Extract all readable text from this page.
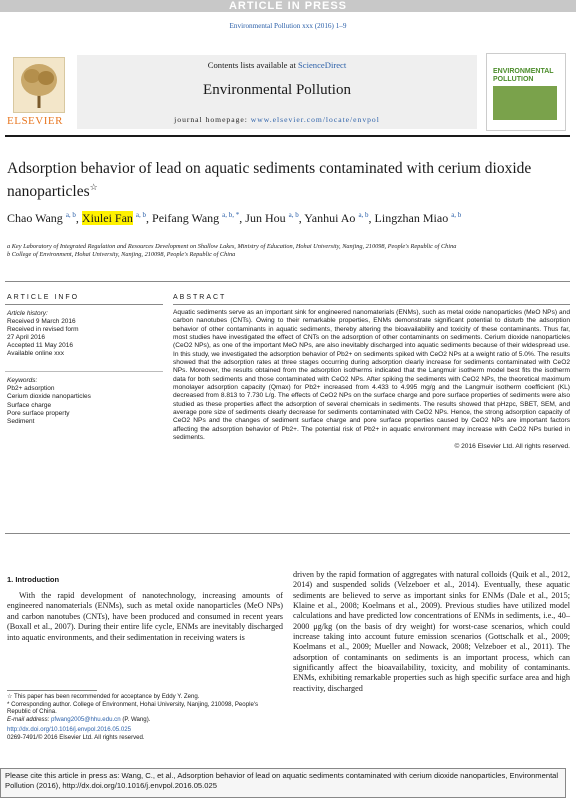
ARTICLE IN PRESS
Environmental Pollution xxx (2016) 1–9
ELSEVIER
Contents lists available at ScienceDirect
Environmental Pollution
journal homepage: www.elsevier.com/locate/envpol
ENVIRONMENTAL
POLLUTION
Adsorption behavior of lead on aquatic sediments contaminated with cerium dioxide nanoparticles☆
Chao Wang $^{a, b}$, Xiulei Fan $^{a, b}$, Peifang Wang $^{a, b, *}$, Jun Hou $^{a, b}$, Yanhui Ao $^{a, b}$, Lingzhan Miao $^{a, b}$
a Key Laboratory of Integrated Regulation and Resources Development on Shallow Lakes, Ministry of Education, Hohai University, Nanjing, 210098, People's Republic of China
b College of Environment, Hohai University, Nanjing, 210098, People's Republic of China
ARTICLE INFO	ABSTRACT
Article history:
Received 9 March 2016
Received in revised form
27 April 2016
Accepted 11 May 2016
Available online xxx
Keywords:
Pb2+ adsorption
Cerium dioxide nanoparticles
Surface charge
Pore surface property
Sediment
Aquatic sediments serve as an important sink for engineered nanomaterials (ENMs), such as metal oxide nanoparticles (MeO NPs) and carbon nanotubes (CNTs). Owing to their remarkable properties, ENMs demonstrate significant potential to disturb the adsorption behavior of other contaminants in aquatic sediments, thereby altering the bioavailability and toxicity of these contaminants. Thus far, most studies have investigated the effect of CNTs on the adsorption of other contaminants on sediments. Cerium dioxide nanoparticles (CeO2 NPs), as one of the important MeO NPs, are also inevitably discharged into aquatic sediments because of their widespread use. In this study, we investigated the adsorption behavior of Pb2+ on sediments spiked with CeO2 NPs at a weight ratio of 5.0%. The results showed that the adsorption rates at three stages occurring during adsorption clearly increase for sediments contaminated with CeO2 NPs. Moreover, the results obtained from the adsorption isotherms indicated that the Langmuir isotherm model best fits the isotherm data for both sediments and those contaminated with CeO2 NPs. After spiking the sediments with CeO2 NPs, the theoretical maximum monolayer adsorption capacity (Qmax) for Pb2+ increased from 4.433 to 4.995 mg/g and the Langmuir isotherm coefficient (KL) decreased from 8.813 to 7.730 L/g. The effects of CeO2 NPs on the surface charge and pore surface properties of sediments were also studied as these properties affect the adsorption of several chemicals in sediments. The results showed that pHzpc, SBET, SEM, and average pore size of sediments clearly decrease for sediments contaminated with CeO2 NPs. Hence, the strong adsorption capacity of CeO2 NPs and the changes of sediment surface charge and pore surface properties caused by CeO2 NPs are important factors affecting the adsorption behavior of Pb2+. The potential risk of Pb2+ in aquatic environment may increase with CeO2 NPs buried in sediments.
© 2016 Elsevier Ltd. All rights reserved.
1. Introduction
With the rapid development of nanotechnology, increasing amounts of engineered nanomaterials (ENMs), such as metal oxide nanoparticles (MeO NPs) and carbon nanotubes (CNTs), have been produced and consumed in recent years (Boxall et al., 2007). During their entire life cycle, ENMs are inevitably discharged into aquatic environments, and their sedimentation in receiving waters is
driven by the rapid formation of aggregates with natural colloids (Quik et al., 2012, 2014) and suspended solids (Velzeboer et al., 2014). Eventually, these aquatic sediments are believed to serve as important sinks for ENMs (Dale et al., 2015; Klaine et al., 2008; Koelmans et al., 2009). Previous studies have utilized model calculations and have predicted low concentrations of ENMs in sediments, i.e., 40–2000 μg/kg (on the basis of dry weight) for worst-case scenarios, which could increase taking into account future emission scenarios (Gottschalk et al., 2009; Koelmans et al., 2009; Mueller and Nowack, 2008; Velzeboer et al., 2011). The adsorption of contaminants on sediments is an important process, which can significantly affect the bioavailability, toxicity, and mobility of contaminants. ENMs, exhibiting remarkable properties such as high specific surface area and high reactivity, discharged
☆ This paper has been recommended for acceptance by Eddy Y. Zeng.
* Corresponding author. College of Environment, Hohai University, Nanjing, 210098, People's Republic of China.
E-mail address: pfwang2005@hhu.edu.cn (P. Wang).
http://dx.doi.org/10.1016/j.envpol.2016.05.025
0269-7491/© 2016 Elsevier Ltd. All rights reserved.
Please cite this article in press as: Wang, C., et al., Adsorption behavior of lead on aquatic sediments contaminated with cerium dioxide nanoparticles, Environmental Pollution (2016), http://dx.doi.org/10.1016/j.envpol.2016.05.025
